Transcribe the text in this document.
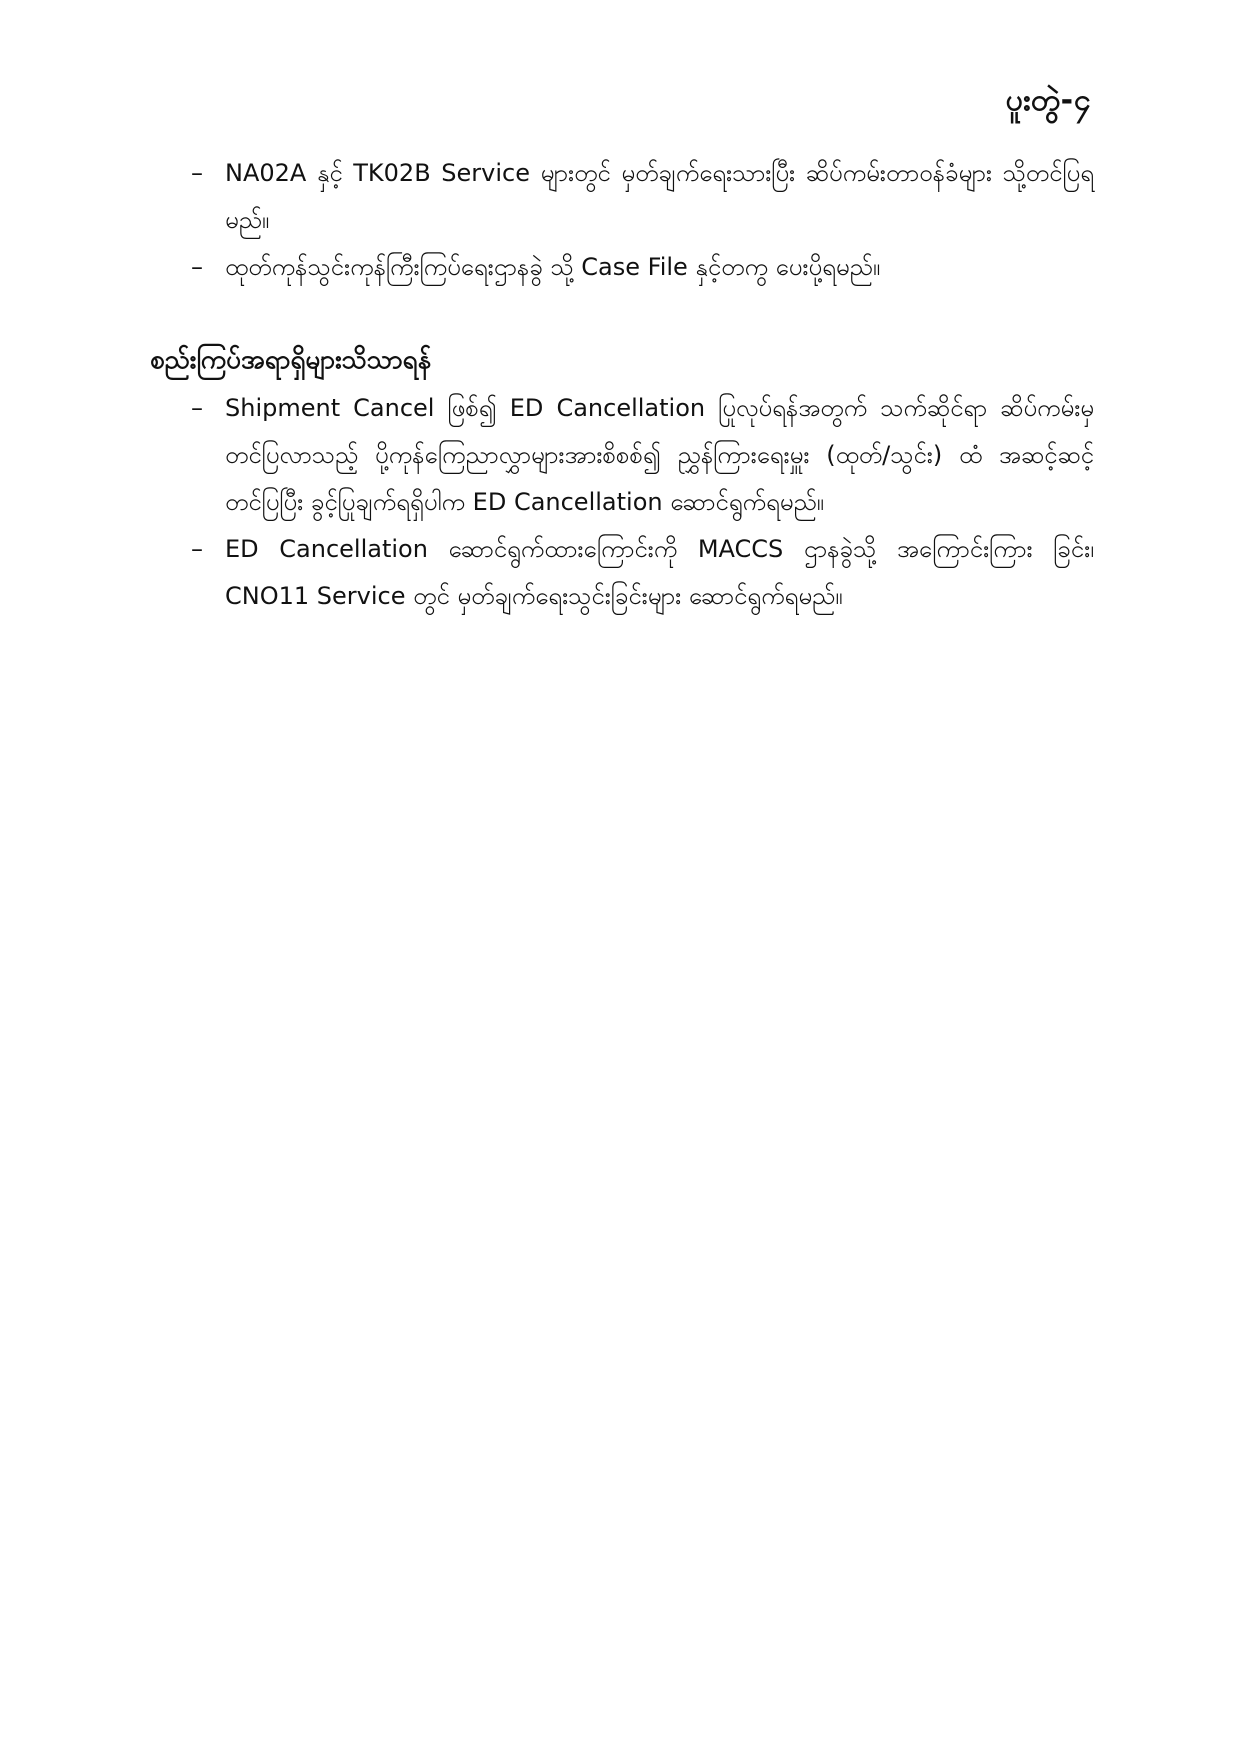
ပူးတွဲ-၄
– NA02A နှင့် TK02B Service များတွင် မှတ်ချက်ရေးသားပြီး ဆိပ်ကမ်းတာဝန်ခံများ သို့တင်ပြရမည်။
– ထုတ်ကုန်သွင်းကုန်ကြီးကြပ်ရေးဌာနခွဲ သို့ Case File နှင့်တကွ ပေးပို့ရမည်။
စည်းကြပ်အရာရှိများသိသာရန်
– Shipment Cancel ဖြစ်၍ ED Cancellation ပြုလုပ်ရန်အတွက် သက်ဆိုင်ရာ ဆိပ်ကမ်းမှတင်ပြလာသည့် ပို့ကုန်ကြေညာလွှာများအားစိစစ်၍ ညွှန်ကြားရေးမှူး (ထုတ်/သွင်း) ထံ အဆင့်ဆင့်တင်ပြပြီး ခွင့်ပြုချက်ရရှိပါက ED Cancellation ဆောင်ရွက်ရမည်။
– ED Cancellation ဆောင်ရွက်ထားကြောင်းကို MACCS ဌာနခွဲသို့ အကြောင်းကြား ခြင်း၊ CNO11 Service တွင် မှတ်ချက်ရေးသွင်းခြင်းများ ဆောင်ရွက်ရမည်။
